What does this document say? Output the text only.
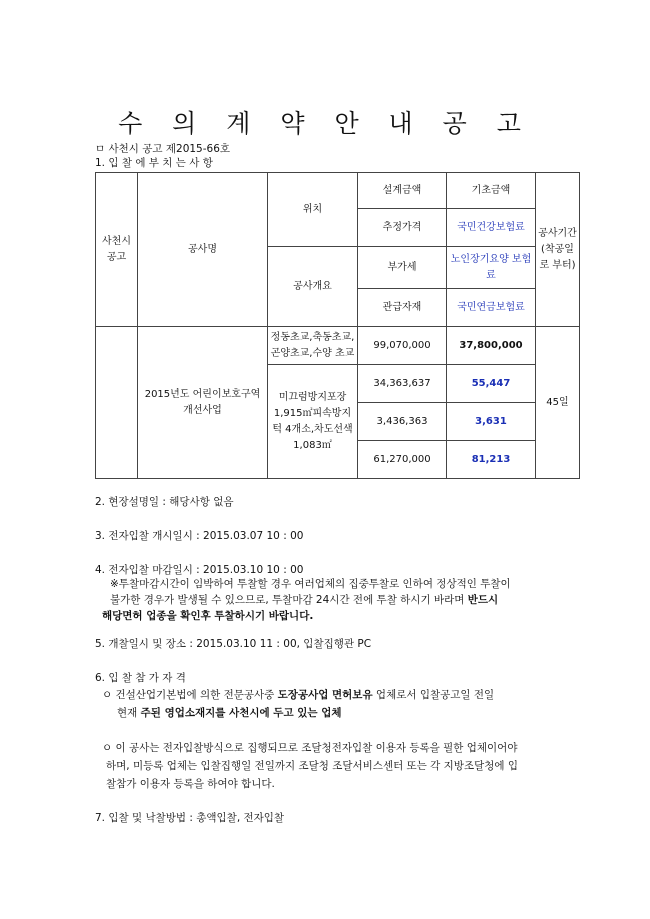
수 의 계 약 안 내 공 고
ㅁ 사천시 공고 제2015-66호
1. 입 찰 에 부 치 는 사 항
사천시 공고	공사명	위치	설계금액	기초금액	공사기간 (착공일로 부터)
			추정가격	국민건강보험료	
		공사개요	부가세	노인장기요양 보험료	
			관급자재	국민연금보험료	
	2015년도 어린이보호구역 개선사업	정동초교,축동초교,곤양초교,수양 초교	99,070,000	37,800,000	45일
		미끄럼방지포장 1,915㎡피속방지턱 4개소,차도선색 1,083㎡	34,363,637	55,447	
			3,436,363	3,631	
			61,270,000	81,213	
2. 현장설명일 : 해당사항 없음
3. 전자입찰 개시일시 : 2015.03.07 10 : 00
4. 전자입찰 마감일시 : 2015.03.10 10 : 00
※투찰마감시간이 임박하여 투찰할 경우 여러업체의 집중투찰로 인하여 정상적인 투찰이
불가한 경우가 발생될 수 있으므로, 투찰마감 24시간 전에 투찰 하시기 바라며 반드시
해당면허 업종을 확인후 투찰하시기 바랍니다.
5. 개찰일시 및 장소 : 2015.03.10 11 : 00, 입찰집행관 PC
6. 입 찰 참 가 자 격
ㅇ 건설산업기본법에 의한 전문공사중 도장공사업 면허보유 업체로서 입찰공고일 전일
현재 주된 영업소재지를 사천시에 두고 있는 업체
ㅇ 이 공사는 전자입찰방식으로 집행되므로 조달청전자입찰 이용자 등록을 필한 업체이어야
하며, 미등록 업체는 입찰집행일 전일까지 조달청 조달서비스센터 또는 각 지방조달청에 입
찰참가 이용자 등록을 하여야 합니다.
7. 입찰 및 낙찰방법 : 총액입찰, 전자입찰
